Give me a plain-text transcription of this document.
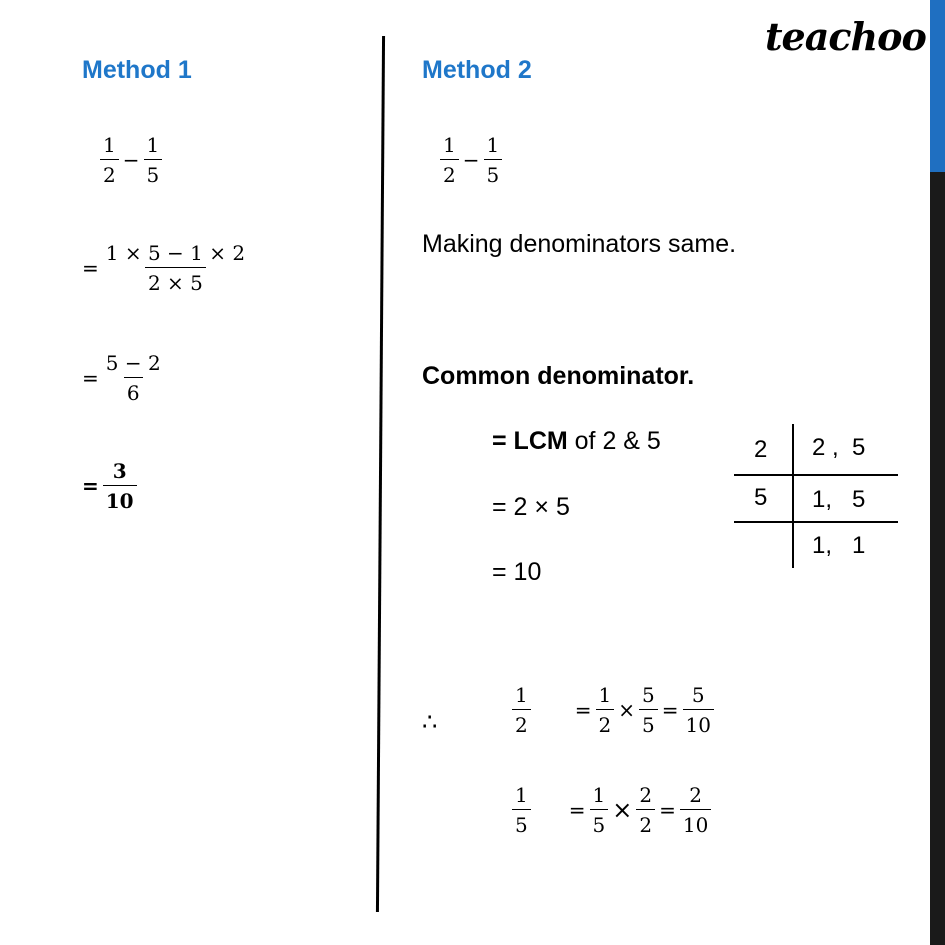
teachoo
Method 1
$\frac{1}{2} - \frac{1}{5}$
= $\frac{1 \times 5 - 1 \times 2}{2 \times 5}$
= $\frac{5 - 2}{6}$
= $\frac{3}{10}$
Method 2
$\frac{1}{2} - \frac{1}{5}$
Making denominators same.
Common denominator.
= LCM of 2 & 5
= 2 × 5
= 10
2
5
2 ,  5
1,   5
1,   1
∴	$\frac{1}{2} = \frac{1}{2} \times \frac{5}{5} = \frac{5}{10}$
$\frac{1}{5} = \frac{1}{5} \times \frac{2}{2} = \frac{2}{10}$
